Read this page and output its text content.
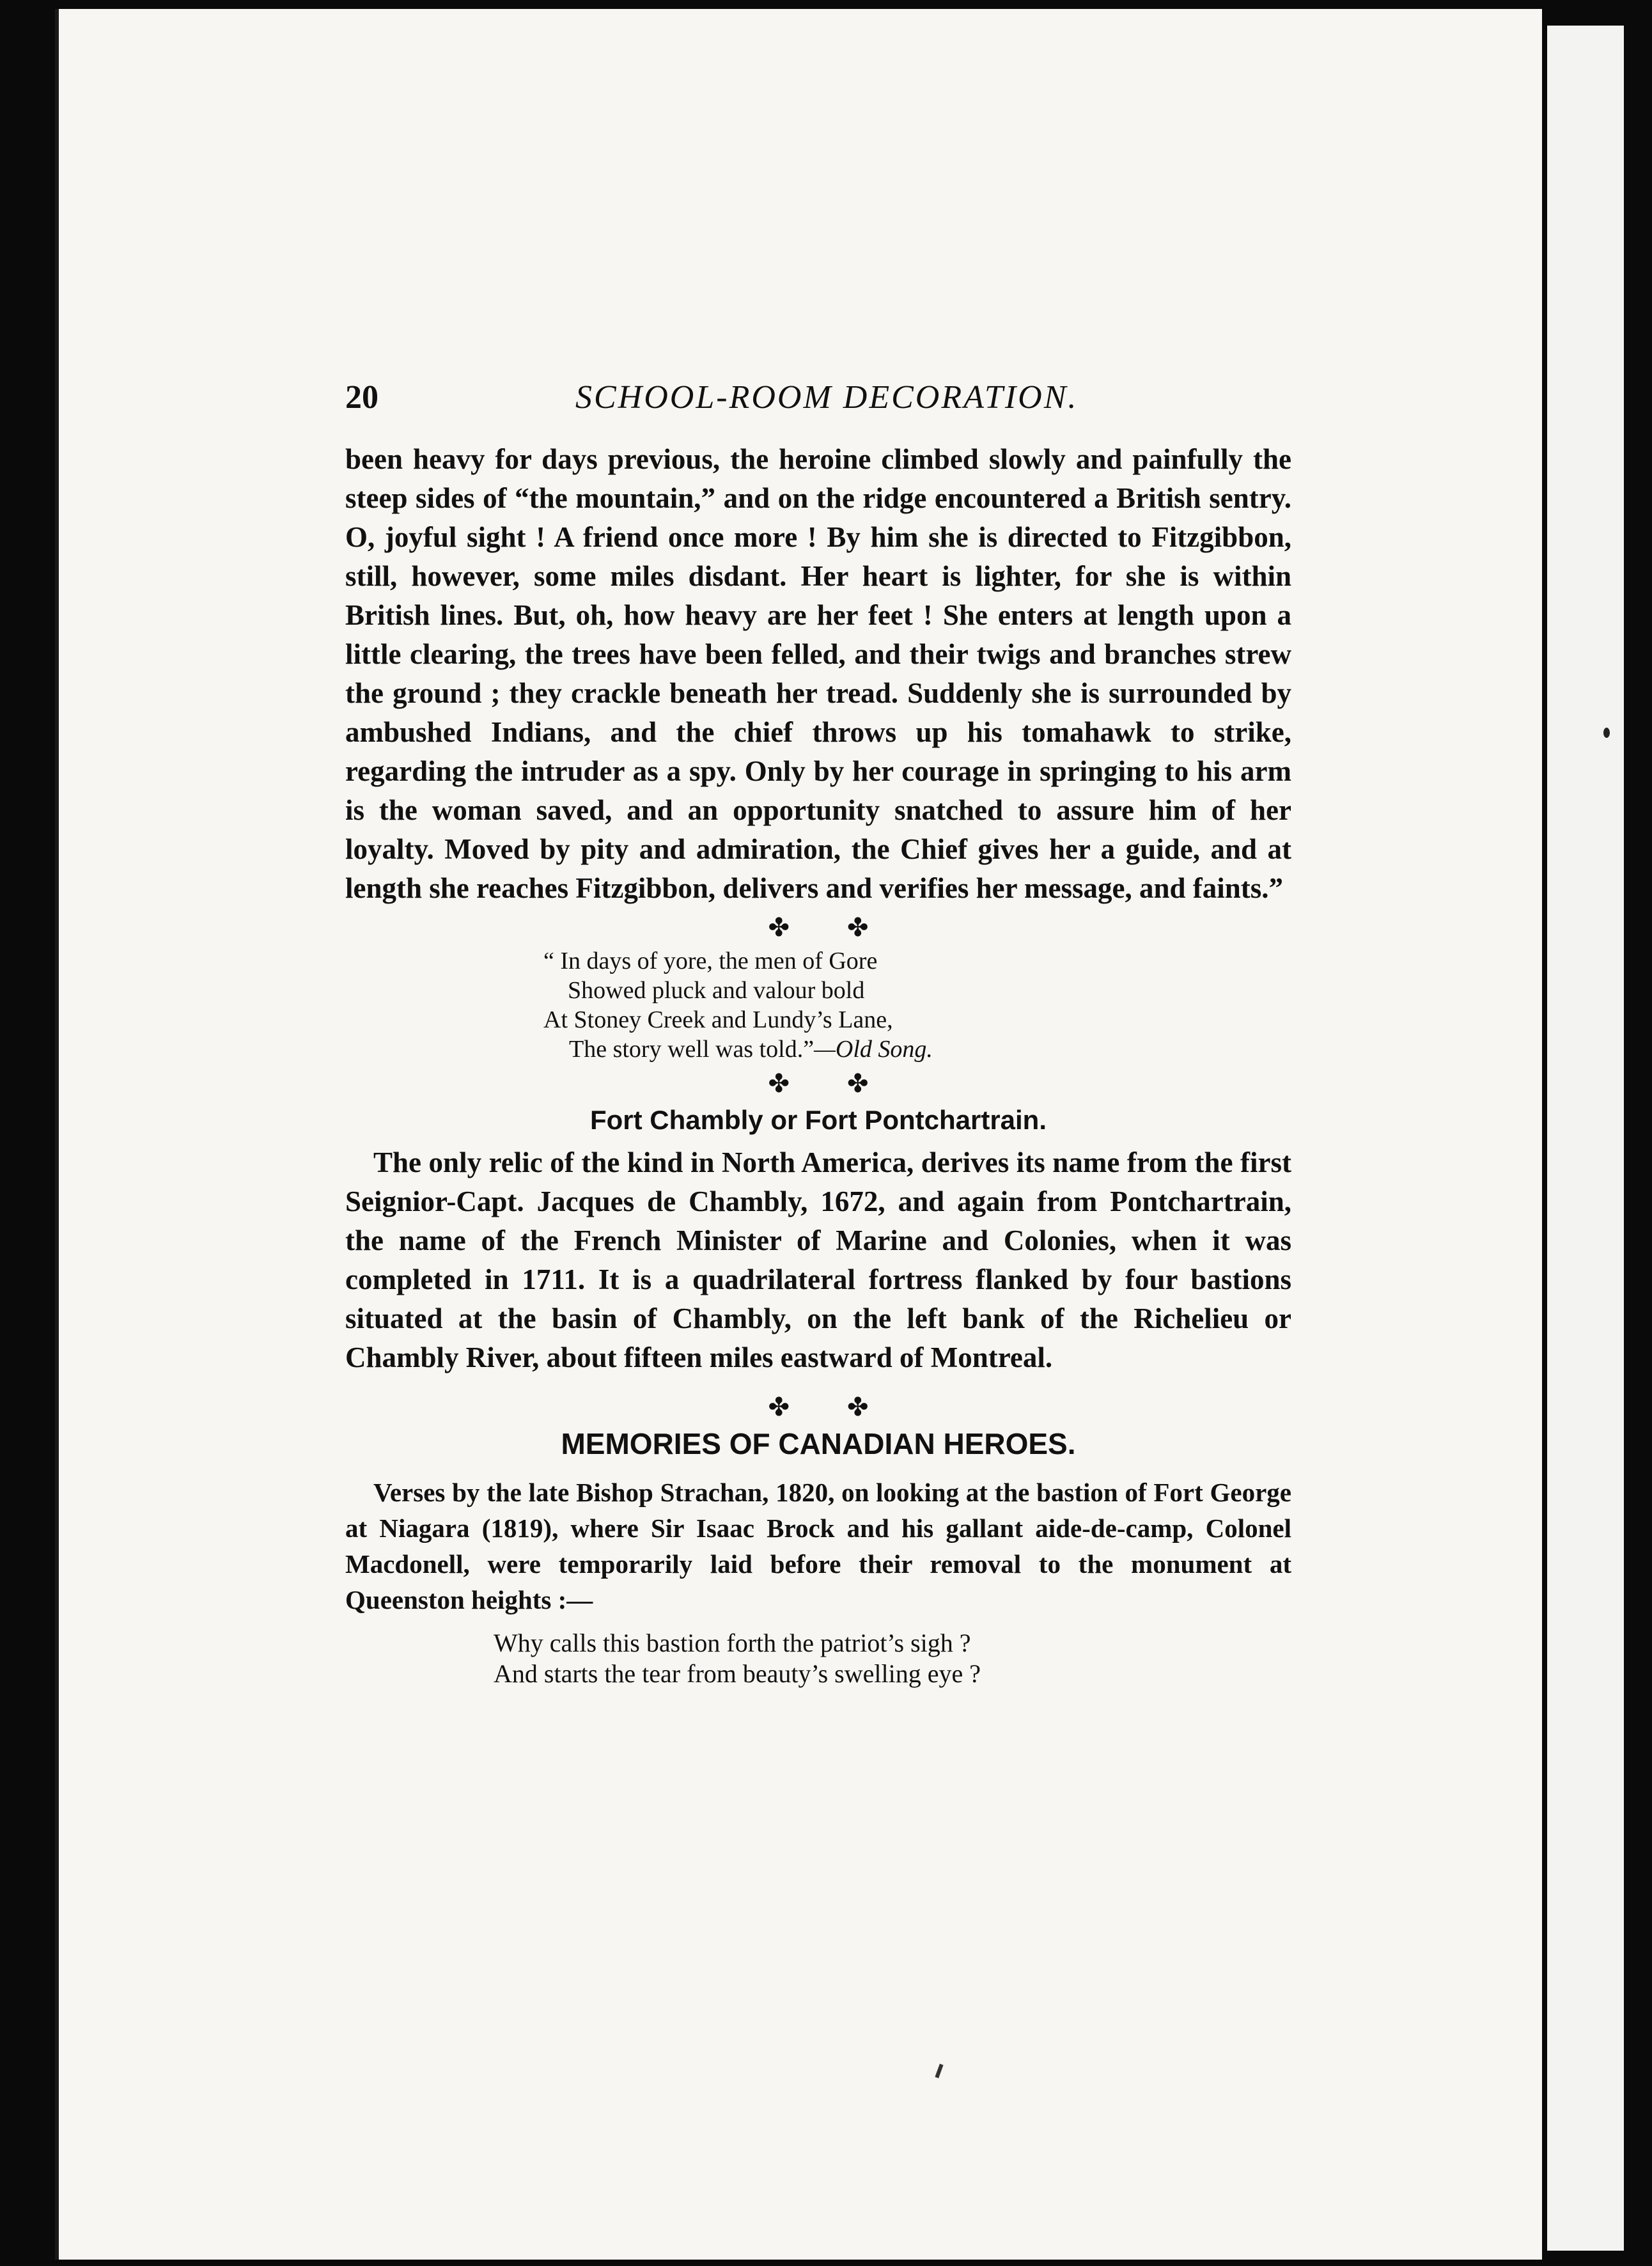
20	SCHOOL-ROOM DECORATION.

been heavy for days previous, the heroine climbed slowly and painfully the steep sides of “the mountain,” and on the ridge encountered a British sentry. O, joyful sight ! A friend once more ! By him she is directed to Fitzgibbon, still, however, some miles disdant. Her heart is lighter, for she is within British lines. But, oh, how heavy are her feet ! She enters at length upon a little clearing, the trees have been felled, and their twigs and branches strew the ground ; they crackle beneath her tread. Suddenly she is surrounded by ambushed Indians, and the chief throws up his tomahawk to strike, regarding the intruder as a spy. Only by her courage in springing to his arm is the woman saved, and an opportunity snatched to assure him of her loyalty. Moved by pity and admiration, the Chief gives her a guide, and at length she reaches Fitzgibbon, delivers and verifies her message, and faints.”

✤ ✤
“ In days of yore, the men of Gore
Showed pluck and valour bold
At Stoney Creek and Lundy’s Lane,
The story well was told.”—Old Song.
✤ ✤
Fort Chambly or Fort Pontchartrain.

The only relic of the kind in North America, derives its name from the first Seignior-Capt. Jacques de Chambly, 1672, and again from Pontchartrain, the name of the French Minister of Marine and Colonies, when it was completed in 1711. It is a quadrilateral fortress flanked by four bastions situated at the basin of Chambly, on the left bank of the Richelieu or Chambly River, about fifteen miles eastward of Montreal.

✤ ✤
MEMORIES OF CANADIAN HEROES.

Verses by the late Bishop Strachan, 1820, on looking at the bastion of Fort George at Niagara (1819), where Sir Isaac Brock and his gallant aide-de-camp, Colonel Macdonell, were temporarily laid before their removal to the monument at Queenston heights :—

Why calls this bastion forth the patriot’s sigh ?
And starts the tear from beauty’s swelling eye ?
